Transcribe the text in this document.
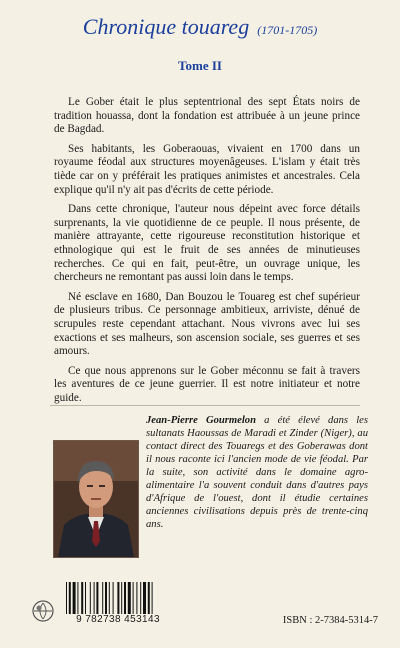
Chronique touareg (1701-1705)
Tome II

Le Gober était le plus septentrional des sept États noirs de tradition houassa, dont la fondation est attribuée à un jeune prince de Bagdad.

Ses habitants, les Goberaouas, vivaient en 1700 dans un royaume féodal aux structures moyenâgeuses. L'islam y était très tiède car on y préférait les pratiques animistes et ancestrales. Cela explique qu'il n'y ait pas d'écrits de cette période.

Dans cette chronique, l'auteur nous dépeint avec force détails surprenants, la vie quotidienne de ce peuple. Il nous présente, de manière attrayante, cette rigoureuse reconstitution historique et ethnologique qui est le fruit de ses années de minutieuses recherches. Ce qui en fait, peut-être, un ouvrage unique, les chercheurs ne remontant pas aussi loin dans le temps.

Né esclave en 1680, Dan Bouzou le Touareg est chef supérieur de plusieurs tribus. Ce personnage ambitieux, arriviste, dénué de scrupules reste cependant attachant. Nous vivrons avec lui ses exactions et ses malheurs, son ascension sociale, ses guerres et ses amours.

Ce que nous apprenons sur le Gober méconnu se fait à travers les aventures de ce jeune guerrier. Il est notre initiateur et notre guide.

Jean-Pierre Gourmelon a été élevé dans les sultanats Haoussas de Maradi et Zinder (Niger), au contact direct des Touaregs et des Goberawas dont il nous raconte ici l'ancien mode de vie féodal. Par la suite, son activité dans le domaine agro-alimentaire l'a souvent conduit dans d'autres pays d'Afrique de l'ouest, dont il étudie certaines anciennes civilisations depuis près de trente-cinq ans.
9 782738 453143	ISBN : 2-7384-5314-7
